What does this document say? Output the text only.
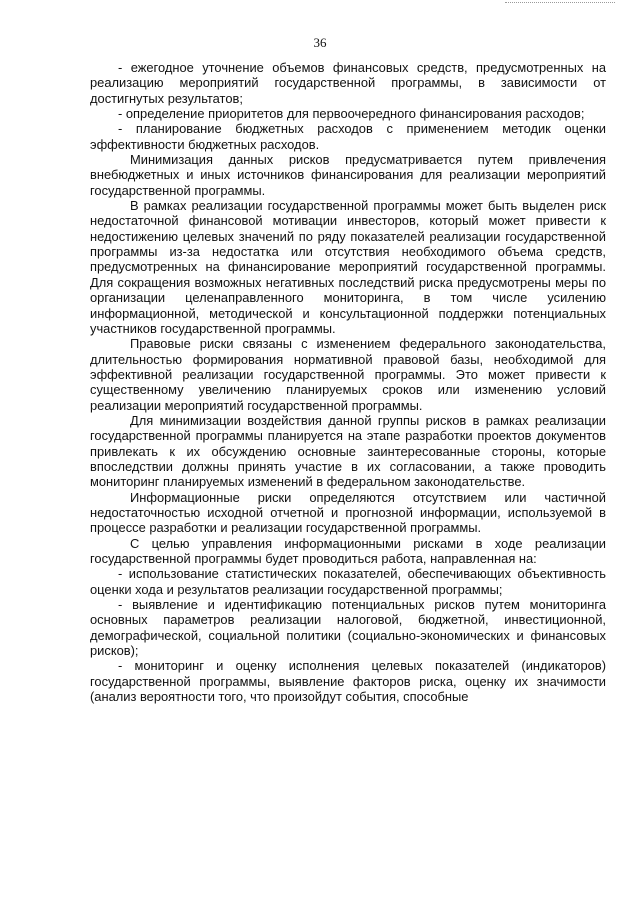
36

- ежегодное уточнение объемов финансовых средств, предусмотренных на реализацию мероприятий государственной программы, в зависимости от достигнутых результатов;

- определение приоритетов для первоочередного финансирования расходов;

- планирование бюджетных расходов с применением методик оценки эффективности бюджетных расходов.

Минимизация данных рисков предусматривается путем привлечения внебюджетных и иных источников финансирования для реализации мероприятий государственной программы.

В рамках реализации государственной программы может быть выделен риск недостаточной финансовой мотивации инвесторов, который может привести к недостижению целевых значений по ряду показателей реализации государственной программы из-за недостатка или отсутствия необходимого объема средств, предусмотренных на финансирование мероприятий государственной программы. Для сокращения возможных негативных последствий риска предусмотрены меры по организации целенаправленного мониторинга, в том числе усилению информационной, методической и консультационной поддержки потенциальных участников государственной программы.

Правовые риски связаны с изменением федерального законодательства, длительностью формирования нормативной правовой базы, необходимой для эффективной реализации государственной программы. Это может привести к существенному увеличению планируемых сроков или изменению условий реализации мероприятий государственной программы.

Для минимизации воздействия данной группы рисков в рамках реализации государственной программы планируется на этапе разработки проектов документов привлекать к их обсуждению основные заинтересованные стороны, которые впоследствии должны принять участие в их согласовании, а также проводить мониторинг планируемых изменений в федеральном законодательстве.

Информационные риски определяются отсутствием или частичной недостаточностью исходной отчетной и прогнозной информации, используемой в процессе разработки и реализации государственной программы.

С целью управления информационными рисками в ходе реализации государственной программы будет проводиться работа, направленная на:

- использование статистических показателей, обеспечивающих объективность оценки хода и результатов реализации государственной программы;

- выявление и идентификацию потенциальных рисков путем мониторинга основных параметров реализации налоговой, бюджетной, инвестиционной, демографической, социальной политики (социально-экономических и финансовых рисков);

- мониторинг и оценку исполнения целевых показателей (индикаторов) государственной программы, выявление факторов риска, оценку их значимости (анализ вероятности того, что произойдут события, способные
